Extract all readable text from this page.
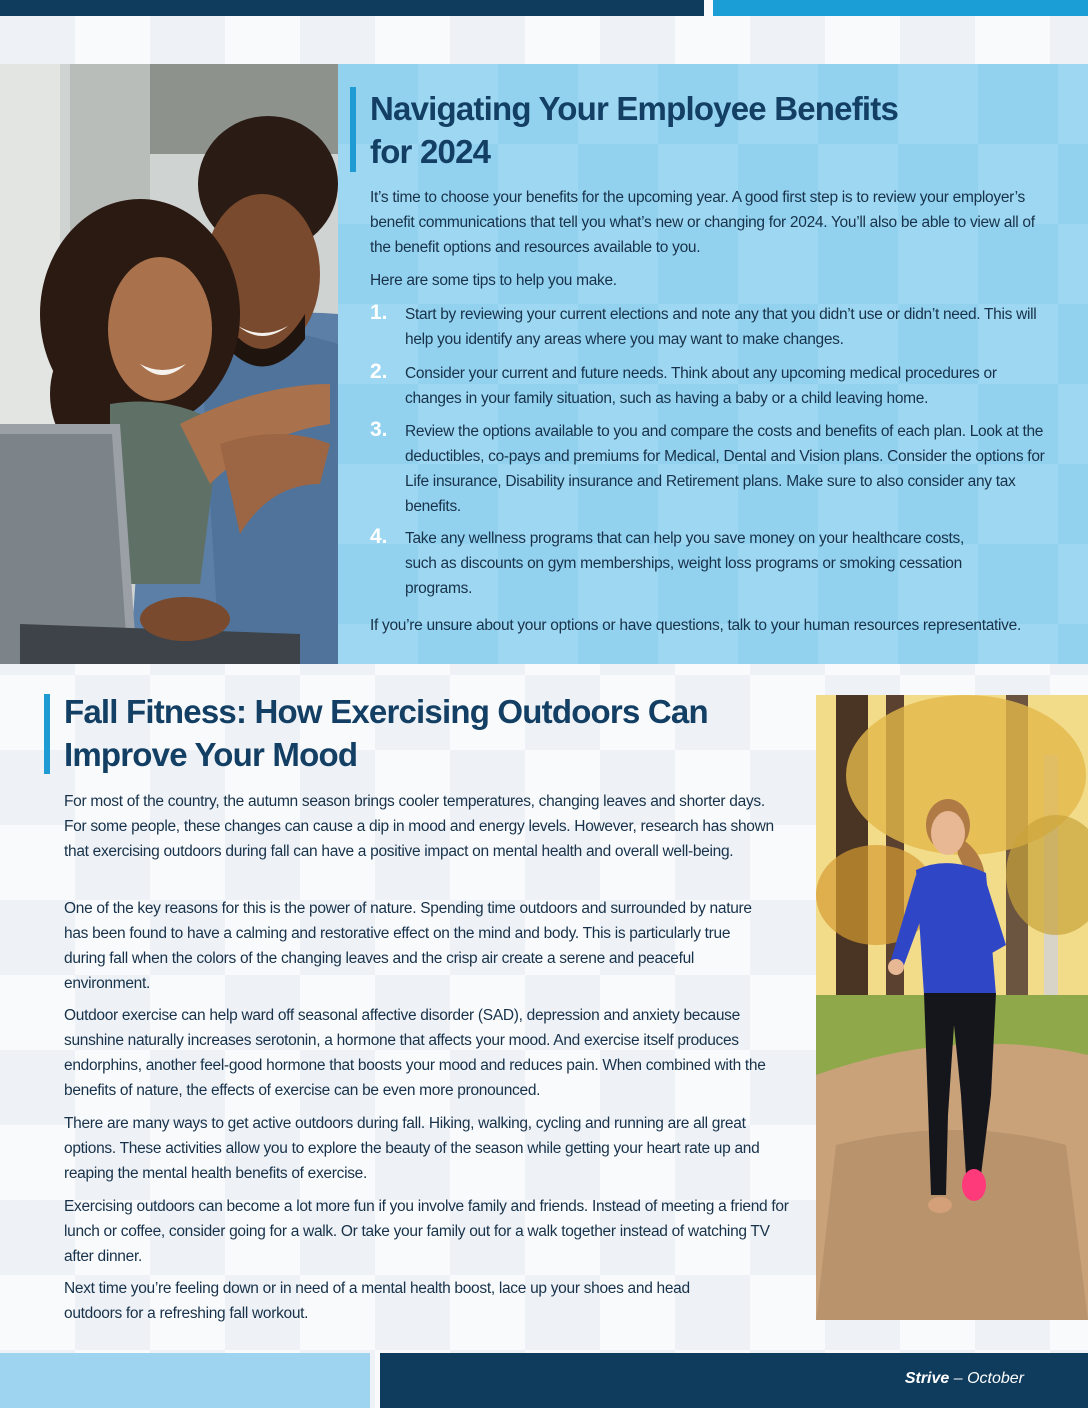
Navigating Your Employee Benefits
for 2024

It’s time to choose your benefits for the upcoming year. A good first step is to review your employer’s benefit communications that tell you what’s new or changing for 2024. You’ll also be able to view all of the benefit options and resources available to you.

Here are some tips to help you make.

1. Start by reviewing your current elections and note any that you didn’t use or didn’t need. This will help you identify any areas where you may want to make changes.

2. Consider your current and future needs. Think about any upcoming medical procedures or changes in your family situation, such as having a baby or a child leaving home.

3. Review the options available to you and compare the costs and benefits of each plan. Look at the deductibles, co-pays and premiums for Medical, Dental and Vision plans. Consider the options for Life insurance, Disability insurance and Retirement plans. Make sure to also consider any tax benefits.

4. Take any wellness programs that can help you save money on your healthcare costs, such as discounts on gym memberships, weight loss programs or smoking cessation programs.

If you’re unsure about your options or have questions, talk to your human resources representative.

Fall Fitness: How Exercising Outdoors Can
Improve Your Mood

For most of the country, the autumn season brings cooler temperatures, changing leaves and shorter days. For some people, these changes can cause a dip in mood and energy levels. However, research has shown that exercising outdoors during fall can have a positive impact on mental health and overall well-being.

One of the key reasons for this is the power of nature. Spending time outdoors and surrounded by nature has been found to have a calming and restorative effect on the mind and body. This is particularly true during fall when the colors of the changing leaves and the crisp air create a serene and peaceful environment.

Outdoor exercise can help ward off seasonal affective disorder (SAD), depression and anxiety because sunshine naturally increases serotonin, a hormone that affects your mood. And exercise itself produces endorphins, another feel-good hormone that boosts your mood and reduces pain. When combined with the benefits of nature, the effects of exercise can be even more pronounced.

There are many ways to get active outdoors during fall. Hiking, walking, cycling and running are all great options. These activities allow you to explore the beauty of the season while getting your heart rate up and reaping the mental health benefits of exercise.

Exercising outdoors can become a lot more fun if you involve family and friends. Instead of meeting a friend for lunch or coffee, consider going for a walk. Or take your family out for a walk together instead of watching TV after dinner.

Next time you’re feeling down or in need of a mental health boost, lace up your shoes and head outdoors for a refreshing fall workout.

Strive – October
